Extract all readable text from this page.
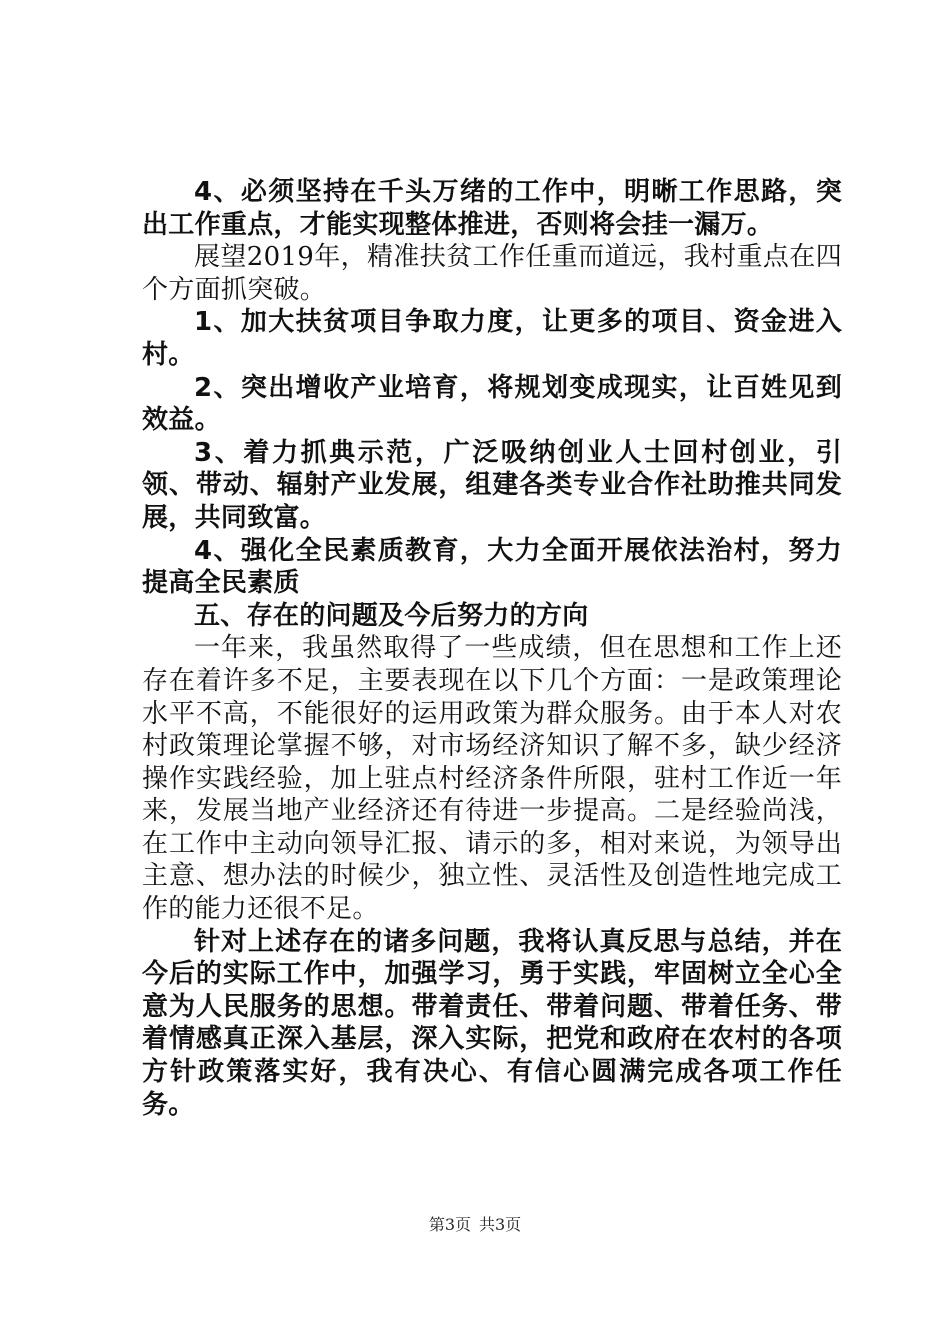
4、必须坚持在千头万绪的工作中，明晰工作思路，突出工作重点，才能实现整体推进，否则将会挂一漏万。

展望2019年，精准扶贫工作任重而道远，我村重点在四个方面抓突破。

1、加大扶贫项目争取力度，让更多的项目、资金进入村。

2、突出增收产业培育，将规划变成现实，让百姓见到效益。

3、着力抓典示范，广泛吸纳创业人士回村创业，引领、带动、辐射产业发展，组建各类专业合作社助推共同发展，共同致富。

4、强化全民素质教育，大力全面开展依法治村，努力提高全民素质

五、存在的问题及今后努力的方向

一年来，我虽然取得了一些成绩，但在思想和工作上还存在着许多不足，主要表现在以下几个方面：一是政策理论水平不高，不能很好的运用政策为群众服务。由于本人对农村政策理论掌握不够，对市场经济知识了解不多，缺少经济操作实践经验，加上驻点村经济条件所限，驻村工作近一年来，发展当地产业经济还有待进一步提高。二是经验尚浅，在工作中主动向领导汇报、请示的多，相对来说，为领导出主意、想办法的时候少，独立性、灵活性及创造性地完成工作的能力还很不足。

针对上述存在的诸多问题，我将认真反思与总结，并在今后的实际工作中，加强学习，勇于实践，牢固树立全心全意为人民服务的思想。带着责任、带着问题、带着任务、带着情感真正深入基层，深入实际，把党和政府在农村的各项方针政策落实好，我有决心、有信心圆满完成各项工作任务。

第3页 共3页
